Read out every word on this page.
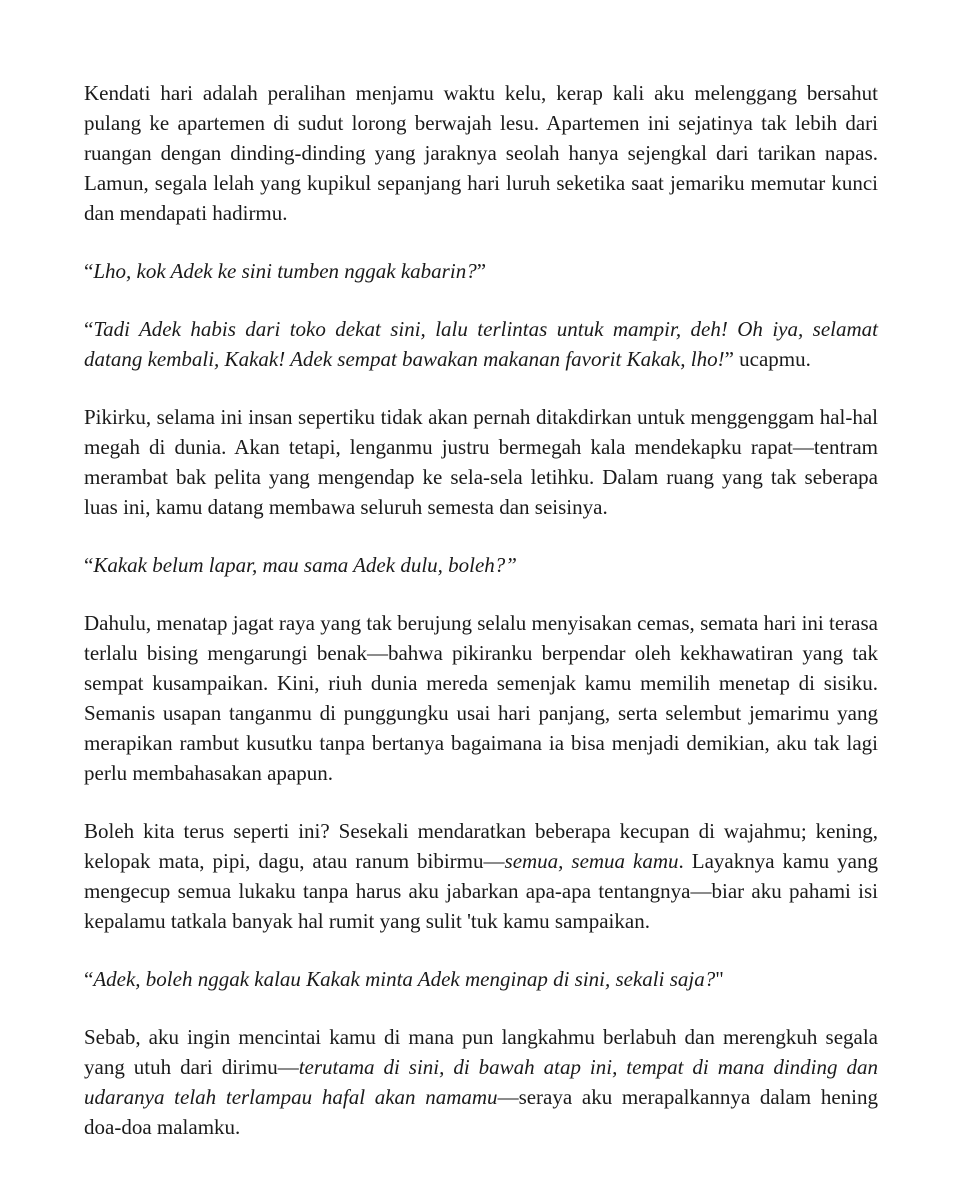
Kendati hari adalah peralihan menjamu waktu kelu, kerap kali aku melenggang bersahut pulang ke apartemen di sudut lorong berwajah lesu. Apartemen ini sejatinya tak lebih dari ruangan dengan dinding-dinding yang jaraknya seolah hanya sejengkal dari tarikan napas. Lamun, segala lelah yang kupikul sepanjang hari luruh seketika saat jemariku memutar kunci dan mendapati hadirmu.

“Lho, kok Adek ke sini tumben nggak kabarin?”

“Tadi Adek habis dari toko dekat sini, lalu terlintas untuk mampir, deh! Oh iya, selamat datang kembali, Kakak! Adek sempat bawakan makanan favorit Kakak, lho!” ucapmu.

Pikirku, selama ini insan sepertiku tidak akan pernah ditakdirkan untuk menggenggam hal-hal megah di dunia. Akan tetapi, lenganmu justru bermegah kala mendekapku rapat—tentram merambat bak pelita yang mengendap ke sela-sela letihku. Dalam ruang yang tak seberapa luas ini, kamu datang membawa seluruh semesta dan seisinya.

“Kakak belum lapar, mau sama Adek dulu, boleh?”

Dahulu, menatap jagat raya yang tak berujung selalu menyisakan cemas, semata hari ini terasa terlalu bising mengarungi benak—bahwa pikiranku berpendar oleh kekhawatiran yang tak sempat kusampaikan. Kini, riuh dunia mereda semenjak kamu memilih menetap di sisiku. Semanis usapan tanganmu di punggungku usai hari panjang, serta selembut jemarimu yang merapikan rambut kusutku tanpa bertanya bagaimana ia bisa menjadi demikian, aku tak lagi perlu membahasakan apapun.

Boleh kita terus seperti ini? Sesekali mendaratkan beberapa kecupan di wajahmu; kening, kelopak mata, pipi, dagu, atau ranum bibirmu—semua, semua kamu. Layaknya kamu yang mengecup semua lukaku tanpa harus aku jabarkan apa-apa tentangnya—biar aku pahami isi kepalamu tatkala banyak hal rumit yang sulit 'tuk kamu sampaikan.

“Adek, boleh nggak kalau Kakak minta Adek menginap di sini, sekali saja?"

Sebab, aku ingin mencintai kamu di mana pun langkahmu berlabuh dan merengkuh segala yang utuh dari dirimu—terutama di sini, di bawah atap ini, tempat di mana dinding dan udaranya telah terlampau hafal akan namamu—seraya aku merapalkannya dalam hening doa-doa malamku.
